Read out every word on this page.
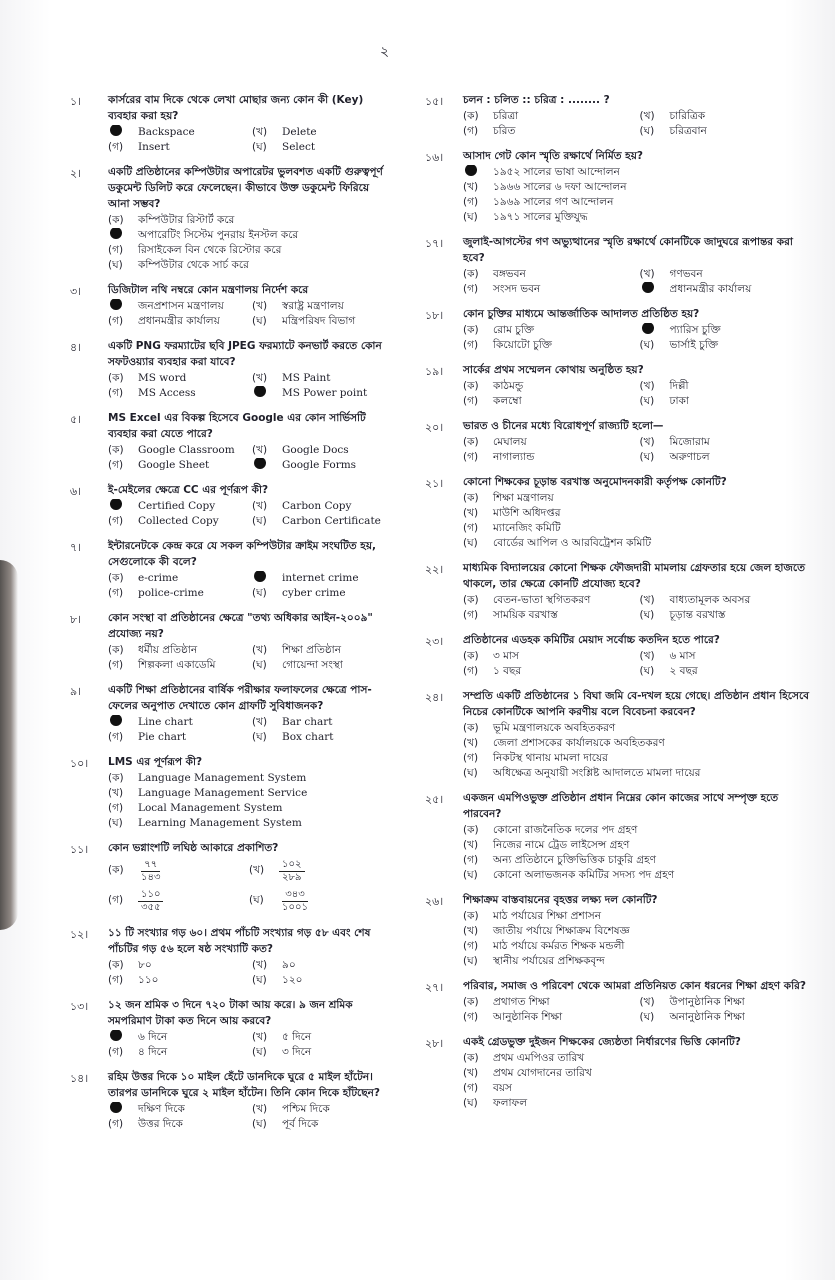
২
১।	কার্সরের বাম দিকে থেকে লেখা মোছার জন্য কোন কী (Key) ব্যবহার করা হয়?
Backspace	(খ)	Delete
(গ)	Insert	(ঘ)	Select
২।	একটি প্রতিষ্ঠানের কম্পিউটার অপারেটর ভুলবশত একটি গুরুত্বপূর্ণ ডকুমেন্ট ডিলিট করে ফেলেছেন। কীভাবে উক্ত ডকুমেন্ট ফিরিয়ে আনা সম্ভব?
(ক)	কম্পিউটার রিস্টার্ট করে
অপারেটিং সিস্টেম পুনরায় ইনস্টল করে
(গ)	রিসাইকেল বিন থেকে রিস্টোর করে
(ঘ)	কম্পিউটার থেকে সার্চ করে
৩।	ডিজিটাল নথি নম্বরে কোন মন্ত্রণালয় নির্দেশ করে
জনপ্রশাসন মন্ত্রণালয়	(খ)	স্বরাষ্ট্র মন্ত্রণালয়
(গ)	প্রধানমন্ত্রীর কার্যালয়	(ঘ)	মন্ত্রিপরিষদ বিভাগ
৪।	একটি PNG ফরম্যাটের ছবি JPEG ফরম্যাটে কনভার্ট করতে কোন সফটওয়্যার ব্যবহার করা যাবে?
(ক)	MS word	(খ)	MS Paint
(গ)	MS Access	MS Power point
৫।	MS Excel এর বিকল্প হিসেবে Google এর কোন সার্ভিসটি ব্যবহার করা যেতে পারে?
(ক)	Google Classroom (খ)	Google Docs
(গ)	Google Sheet	Google Forms
৬।	ই-মেইলের ক্ষেত্রে CC এর পূর্ণরূপ কী?
Certified Copy	(খ)	Carbon Copy
(গ)	Collected Copy	(ঘ)	Carbon Certificate
৭।	ইন্টারনেটকে কেন্দ্র করে যে সকল কম্পিউটার ক্রাইম সংঘটিত হয়, সেগুলোকে কী বলে?
(ক)	e-crime	internet crime
(গ)	police-crime	(ঘ)	cyber crime
৮।	কোন সংস্থা বা প্রতিষ্ঠানের ক্ষেত্রে "তথ্য অধিকার আইন-২০০৯" প্রযোজ্য নয়?
(ক)	ধর্মীয় প্রতিষ্ঠান	(খ)	শিক্ষা প্রতিষ্ঠান
(গ)	শিল্পকলা একাডেমি	(ঘ)	গোয়েন্দা সংস্থা
৯।	একটি শিক্ষা প্রতিষ্ঠানের বার্ষিক পরীক্ষার ফলাফলের ক্ষেত্রে পাস-ফেলের অনুপাত দেখাতে কোন গ্রাফটি সুবিধাজনক?
Line chart	(খ)	Bar chart
(গ)	Pie chart	(ঘ)	Box chart
১০।	LMS এর পূর্ণরূপ কী?
(ক)	Language Management System
(খ)	Language Management Service
(গ)	Local Management System
(ঘ)	Learning Management System
১১।	কোন ভগ্নাংশটি লঘিষ্ঠ আকারে প্রকাশিত?
(ক)	$\frac{৭৭}{১৪৩}$	(খ)	$\frac{১০২}{২৮৯}$
(গ)	$\frac{১১০}{৩৫৫}$	(ঘ)	$\frac{৩৪৩}{১০০১}$
১২।	১১ টি সংখ্যার গড় ৬০। প্রথম পাঁচটি সংখ্যার গড় ৫৮ এবং শেষ পাঁচটির গড় ৫৬ হলে ষষ্ঠ সংখ্যাটি কত?
(ক)	৮০	(খ)	৯০
(গ)	১১০	(ঘ)	১২০
১৩।	১২ জন শ্রমিক ৩ দিনে ৭২০ টাকা আয় করে। ৯ জন শ্রমিক সমপরিমাণ টাকা কত দিনে আয় করবে?
৬ দিনে	(খ)	৫ দিনে
(গ)	৪ দিনে	(ঘ)	৩ দিনে
১৪।	রহিম উত্তর দিকে ১০ মাইল হেঁটে ডানদিকে ঘুরে ৫ মাইল হাঁটেন। তারপর ডানদিকে ঘুরে ২ মাইল হাঁটেন। তিনি কোন দিকে হাঁটছেন?
দক্ষিণ দিকে	(খ)	পশ্চিম দিকে
(গ)	উত্তর দিকে	(ঘ)	পূর্ব দিকে
১৫।	চলন : চলিত :: চরিত্র : ........ ?
(ক)	চরিত্রা	(খ)	চারিত্রিক
(গ)	চরিত	(ঘ)	চরিত্রবান
১৬।	আসাদ গেট কোন স্মৃতি রক্ষার্থে নির্মিত হয়?
১৯৫২ সালের ভাষা আন্দোলন
(খ)	১৯৬৬ সালের ৬ দফা আন্দোলন
(গ)	১৯৬৯ সালের গণ আন্দোলন
(ঘ)	১৯৭১ সালের মুক্তিযুদ্ধ
১৭।	জুলাই-আগস্টের গণ অভ্যুত্থানের স্মৃতি রক্ষার্থে কোনটিকে জাদুঘরে রূপান্তর করা হবে?
(ক)	বঙ্গভবন	(খ)	গণভবন
(গ)	সংসদ ভবন	প্রধানমন্ত্রীর কার্যালয়
১৮।	কোন চুক্তির মাধ্যমে আন্তর্জাতিক আদালত প্রতিষ্ঠিত হয়?
(ক)	রোম চুক্তি	প্যারিস চুক্তি
(গ)	কিয়োটো চুক্তি	(ঘ)	ভার্সাই চুক্তি
১৯।	সার্কের প্রথম সম্মেলন কোথায় অনুষ্ঠিত হয়?
(ক)	কাঠমন্ডু	(খ)	দিল্লী
(গ)	কলম্বো	(ঘ)	ঢাকা
২০।	ভারত ও চীনের মধ্যে বিরোধপূর্ণ রাজ্যটি হলো—
(ক)	মেঘালয়	(খ)	মিজোরাম
(গ)	নাগাল্যান্ড	(ঘ)	অরুণাচল
২১।	কোনো শিক্ষকের চূড়ান্ত বরখাস্ত অনুমোদনকারী কর্তৃপক্ষ কোনটি?
(ক)	শিক্ষা মন্ত্রণালয়
(খ)	মাউশি অধিদপ্তর
(গ)	ম্যানেজিং কমিটি
(ঘ)	বোর্ডের আপিল ও আরবিট্রেশন কমিটি
২২।	মাধ্যমিক বিদ্যালয়ের কোনো শিক্ষক ফৌজদারী মামলায় গ্রেফতার হয়ে জেল হাজতে থাকলে, তার ক্ষেত্রে কোনটি প্রযোজ্য হবে?
(ক)	বেতন-ভাতা স্থগিতকরণ	(খ)	বাধ্যতামূলক অবসর
(গ)	সাময়িক বরখাস্ত	(ঘ)	চূড়ান্ত বরখাস্ত
২৩।	প্রতিষ্ঠানের এডহক কমিটির মেয়াদ সর্বোচ্চ কতদিন হতে পারে?
(ক)	৩ মাস	(খ)	৬ মাস
(গ)	১ বছর	(ঘ)	২ বছর
২৪।	সম্প্রতি একটি প্রতিষ্ঠানের ১ বিঘা জমি বে-দখল হয়ে গেছে। প্রতিষ্ঠান প্রধান হিসেবে নিচের কোনটিকে আপনি করণীয় বলে বিবেচনা করবেন?
(ক)	ভূমি মন্ত্রণালয়কে অবহিতকরণ
(খ)	জেলা প্রশাসকের কার্যালয়কে অবহিতকরণ
(গ)	নিকটস্থ থানায় মামলা দায়ের
(ঘ)	অধিক্ষেত্র অনুযায়ী সংশ্লিষ্ট আদালতে মামলা দায়ের
২৫।	একজন এমপিওভুক্ত প্রতিষ্ঠান প্রধান নিম্নের কোন কাজের সাথে সম্পৃক্ত হতে পারবেন?
(ক)	কোনো রাজনৈতিক দলের পদ গ্রহণ
(খ)	নিজের নামে ট্রেড লাইসেন্স গ্রহণ
(গ)	অন্য প্রতিষ্ঠানে চুক্তিভিত্তিক চাকুরি গ্রহণ
(ঘ)	কোনো অলাভজনক কমিটির সদস্য পদ গ্রহণ
২৬।	শিক্ষাক্রম বাস্তবায়নের বৃহত্তর লক্ষ্য দল কোনটি?
(ক)	মাঠ পর্যায়ের শিক্ষা প্রশাসন
(খ)	জাতীয় পর্যায়ে শিক্ষাক্রম বিশেষজ্ঞ
(গ)	মাঠ পর্যায়ে কর্মরত শিক্ষক মন্ডলী
(ঘ)	স্থানীয় পর্যায়ের প্রশিক্ষকবৃন্দ
২৭।	পরিবার, সমাজ ও পরিবেশ থেকে আমরা প্রতিনিয়ত কোন ধরনের শিক্ষা গ্রহণ করি?
(ক)	প্রথাগত শিক্ষা	(খ)	উপানুষ্ঠানিক শিক্ষা
(গ)	আনুষ্ঠানিক শিক্ষা	(ঘ)	অনানুষ্ঠানিক শিক্ষা
২৮।	একই গ্রেডভুক্ত দুইজন শিক্ষকের জ্যেষ্ঠতা নির্ধারণের ভিত্তি কোনটি?
(ক)	প্রথম এমপিওর তারিখ
(খ)	প্রথম যোগদানের তারিখ
(গ)	বয়স
(ঘ)	ফলাফল
